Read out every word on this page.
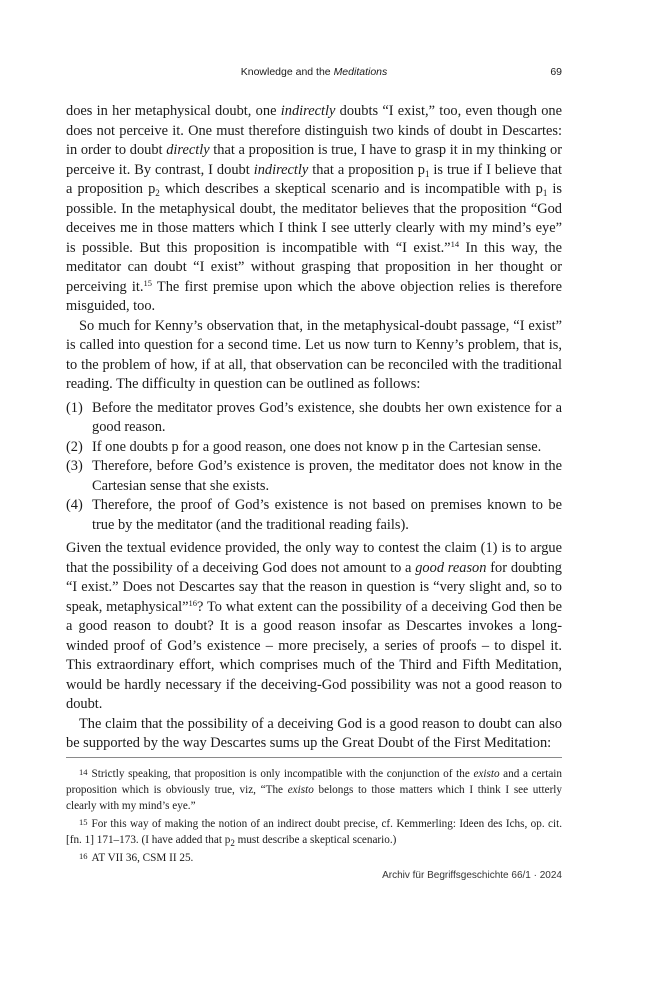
Knowledge and the Meditations	69

does in her metaphysical doubt, one indirectly doubts “I exist,” too, even though one does not perceive it. One must therefore distinguish two kinds of doubt in Descartes: in order to doubt directly that a proposition is true, I have to grasp it in my thinking or perceive it. By contrast, I doubt indirectly that a proposition $p_1$ is true if I believe that a proposition $p_2$ which describes a skeptical scenario and is incompatible with $p_1$ is possible. In the metaphysical doubt, the meditator believes that the proposition “God deceives me in those matters which I think I see utterly clearly with my mind’s eye” is possible. But this proposition is incompatible with “I exist.”$^{14}$ In this way, the meditator can doubt “I exist” without grasping that proposition in her thought or perceiving it.$^{15}$ The first premise upon which the above objection relies is therefore misguided, too.

So much for Kenny’s observation that, in the metaphysical-doubt passage, “I exist” is called into question for a second time. Let us now turn to Kenny’s problem, that is, to the problem of how, if at all, that observation can be reconciled with the traditional reading. The difficulty in question can be outlined as follows:

(1) Before the meditator proves God’s existence, she doubts her own existence for a good reason.
(2) If one doubts p for a good reason, one does not know p in the Cartesian sense.
(3) Therefore, before God’s existence is proven, the meditator does not know in the Cartesian sense that she exists.
(4) Therefore, the proof of God’s existence is not based on premises known to be true by the meditator (and the traditional reading fails).

Given the textual evidence provided, the only way to contest the claim (1) is to argue that the possibility of a deceiving God does not amount to a good reason for doubting “I exist.” Does not Descartes say that the reason in question is “very slight and, so to speak, metaphysical”$^{16}$? To what extent can the possibility of a deceiving God then be a good reason to doubt? It is a good reason insofar as Descartes invokes a long-winded proof of God’s existence – more precisely, a series of proofs – to dispel it. This extraordinary effort, which comprises much of the Third and Fifth Meditation, would be hardly necessary if the deceiving-God possibility was not a good reason to doubt.

The claim that the possibility of a deceiving God is a good reason to doubt can also be supported by the way Descartes sums up the Great Doubt of the First Meditation:

14 Strictly speaking, that proposition is only incompatible with the conjunction of the existo and a certain proposition which is obviously true, viz, “The existo belongs to those matters which I think I see utterly clearly with my mind’s eye.”

15 For this way of making the notion of an indirect doubt precise, cf. Kemmerling: Ideen des Ichs, op. cit. [fn. 1] 171–173. (I have added that $p_2$ must describe a skeptical scenario.)

16 AT VII 36, CSM II 25.

Archiv für Begriffsgeschichte 66/1 · 2024
